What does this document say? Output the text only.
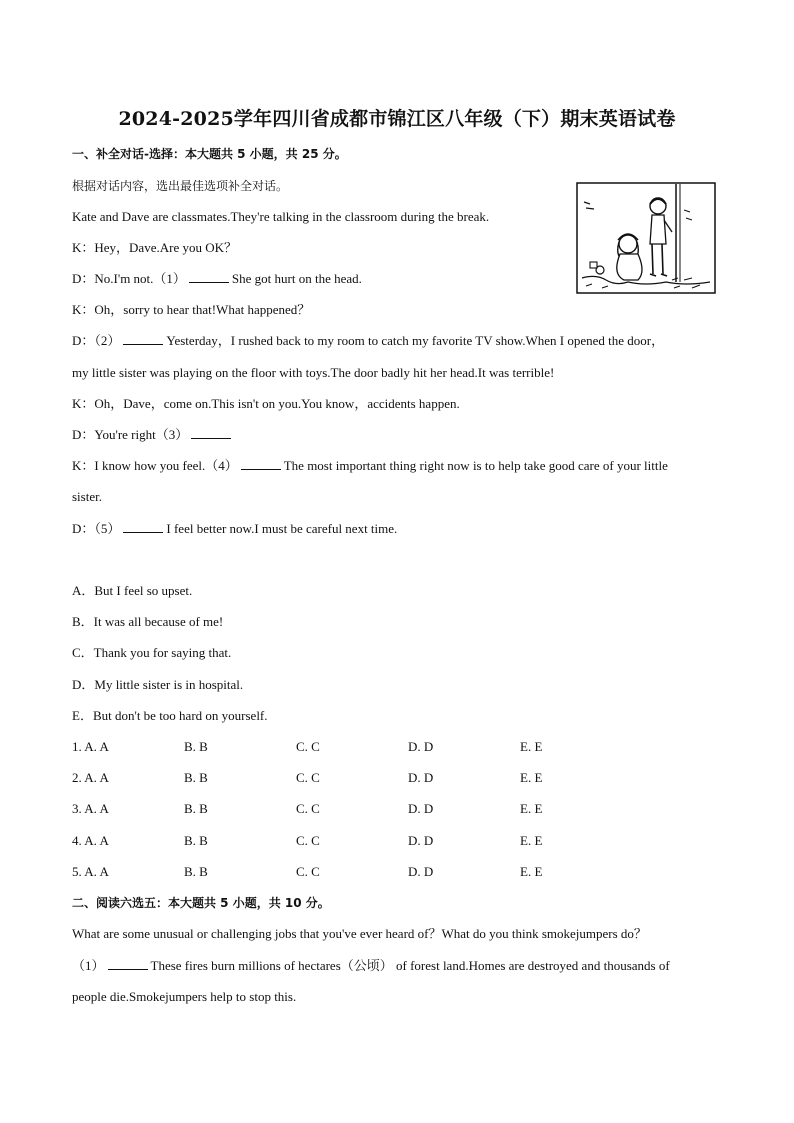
2024-2025学年四川省成都市锦江区八年级（下）期末英语试卷
一、补全对话-选择：本大题共 5 小题，共 25 分。
根据对话内容，选出最佳选项补全对话。
Kate and Dave are classmates.They're talking in the classroom during the break.
K：Hey，Dave.Are you OK？
D：No.I'm not.（1）	She got hurt on the head.
K：Oh，sorry to hear that!What happened？
D：（2）	Yesterday，I rushed back to my room to catch my favorite TV show.When I opened the door，
my little sister was playing on the floor with toys.The door badly hit her head.It was terrible!
K：Oh，Dave，come on.This isn't on you.You know，accidents happen.
D：You're right（3）
K：I know how you feel.（4）	The most important thing right now is to help take good care of your little
sister.
D：（5）	I feel better now.I must be careful next time.
A．But I feel so upset.
B．It was all because of me!
C．Thank you for saying that.
D．My little sister is in hospital.
E．But don't be too hard on yourself.
1. A. A	B. B	C. C	D. D	E. E
2. A. A	B. B	C. C	D. D	E. E
3. A. A	B. B	C. C	D. D	E. E
4. A. A	B. B	C. C	D. D	E. E
5. A. A	B. B	C. C	D. D	E. E
二、阅读六选五：本大题共 5 小题，共 10 分。
What are some unusual or challenging jobs that you've ever heard of？What do you think smokejumpers do？
（1）	These fires burn millions of hectares（公顷） of forest land.Homes are destroyed and thousands of
people die.Smokejumpers help to stop this.
